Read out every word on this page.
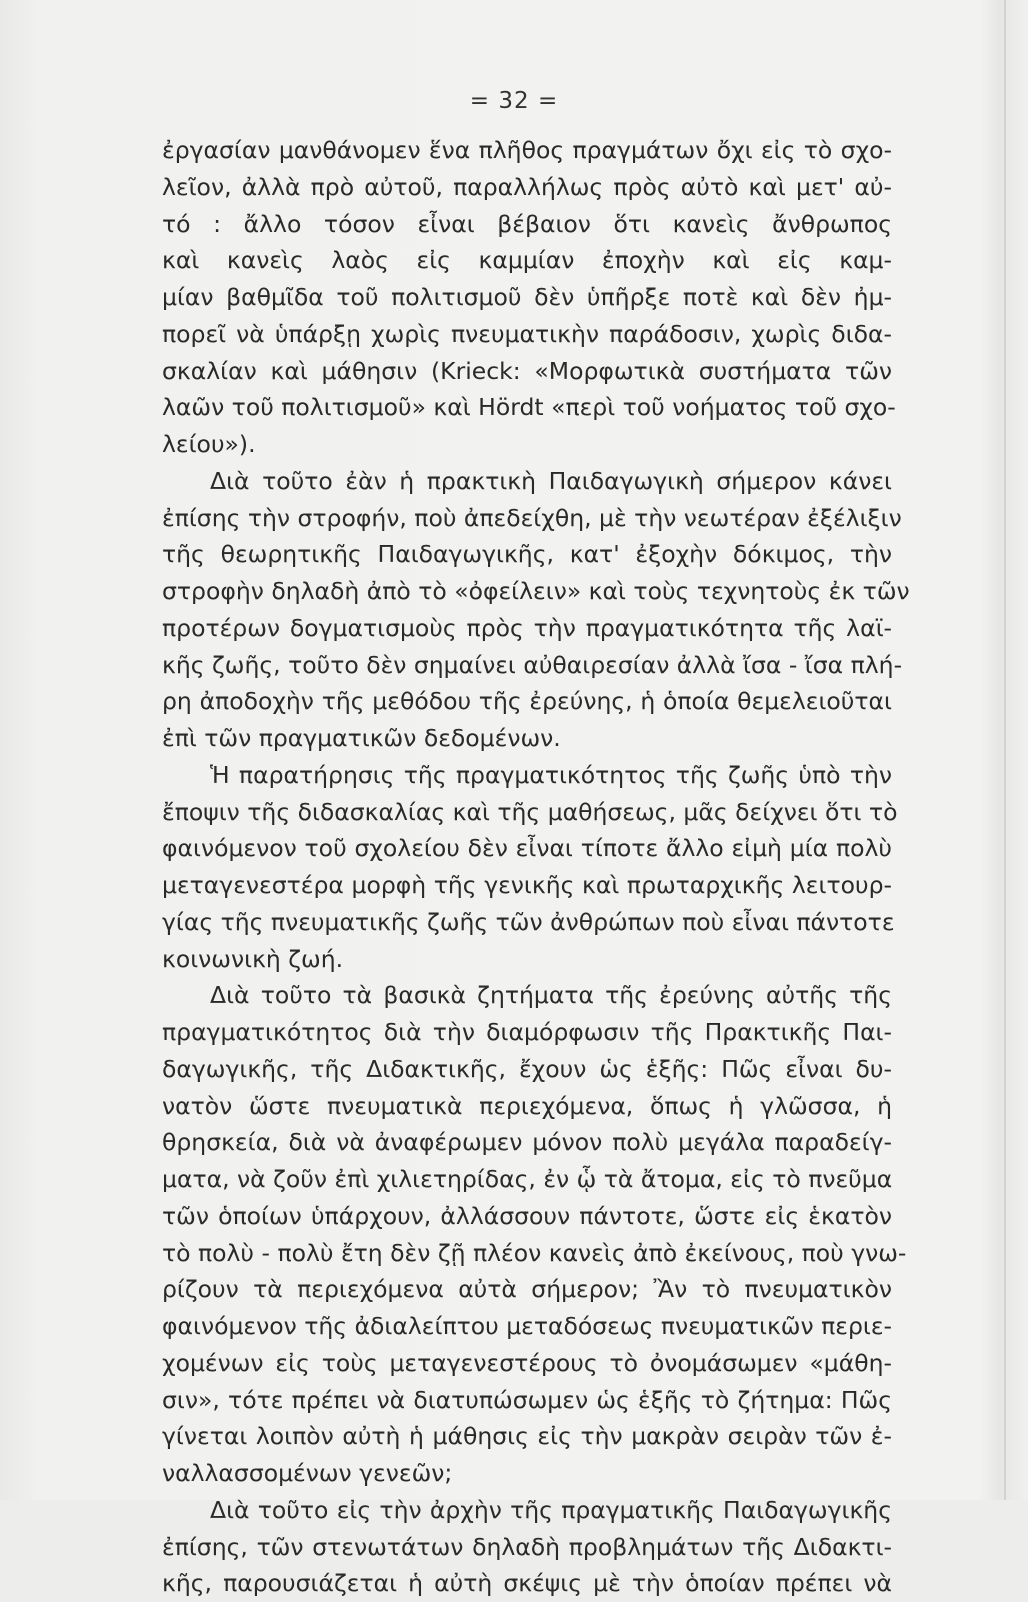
= 32 =
ἐργασίαν μανθάνομεν ἕνα πλῆθος πραγμάτων ὄχι εἰς τὸ σχο-
λεῖον, ἀλλὰ πρὸ αὐτοῦ, παραλλήλως πρὸς αὐτὸ καὶ μετ' αὐ-
τό : ἄλλο τόσον εἶναι βέβαιον ὅτι κανεὶς ἄνθρωπος
καὶ κανεὶς λαὸς εἰς καμμίαν ἐποχὴν καὶ εἰς καμ-
μίαν βαθμῖδα τοῦ πολιτισμοῦ δὲν ὑπῆρξε ποτὲ καὶ δὲν ἠμ-
πορεῖ νὰ ὑπάρξῃ χωρὶς πνευματικὴν παράδοσιν, χωρὶς διδα-
σκαλίαν καὶ μάθησιν (Krieck: «Μορφωτικὰ συστήματα τῶν
λαῶν τοῦ πολιτισμοῦ» καὶ Hördt «περὶ τοῦ νοήματος τοῦ σχο-
λείου»).
Διὰ τοῦτο ἐὰν ἡ πρακτικὴ Παιδαγωγικὴ σήμερον κάνει
ἐπίσης τὴν στροφήν, ποὺ ἀπεδείχθη, μὲ τὴν νεωτέραν ἐξέλιξιν
τῆς θεωρητικῆς Παιδαγωγικῆς, κατ' ἐξοχὴν δόκιμος, τὴν
στροφὴν δηλαδὴ ἀπὸ τὸ «ὀφείλειν» καὶ τοὺς τεχνητοὺς ἐκ τῶν
προτέρων δογματισμοὺς πρὸς τὴν πραγματικότητα τῆς λαϊ-
κῆς ζωῆς, τοῦτο δὲν σημαίνει αὐθαιρεσίαν ἀλλὰ ἴσα - ἴσα πλή-
ρη ἀποδοχὴν τῆς μεθόδου τῆς ἐρεύνης, ἡ ὁποία θεμελειοῦται
ἐπὶ τῶν πραγματικῶν δεδομένων.
Ἡ παρατήρησις τῆς πραγματικότητος τῆς ζωῆς ὑπὸ τὴν
ἔποψιν τῆς διδασκαλίας καὶ τῆς μαθήσεως, μᾶς δείχνει ὅτι τὸ
φαινόμενον τοῦ σχολείου δὲν εἶναι τίποτε ἄλλο εἰμὴ μία πολὺ
μεταγενεστέρα μορφὴ τῆς γενικῆς καὶ πρωταρχικῆς λειτουρ-
γίας τῆς πνευματικῆς ζωῆς τῶν ἀνθρώπων ποὺ εἶναι πάντοτε
κοινωνικὴ ζωή.
Διὰ τοῦτο τὰ βασικὰ ζητήματα τῆς ἐρεύνης αὐτῆς τῆς
πραγματικότητος διὰ τὴν διαμόρφωσιν τῆς Πρακτικῆς Παι-
δαγωγικῆς, τῆς Διδακτικῆς, ἔχουν ὡς ἑξῆς: Πῶς εἶναι δυ-
νατὸν ὥστε πνευματικὰ περιεχόμενα, ὅπως ἡ γλῶσσα, ἡ
θρησκεία, διὰ νὰ ἀναφέρωμεν μόνον πολὺ μεγάλα παραδείγ-
ματα, νὰ ζοῦν ἐπὶ χιλιετηρίδας, ἐν ᾧ τὰ ἄτομα, εἰς τὸ πνεῦμα
τῶν ὁποίων ὑπάρχουν, ἀλλάσσουν πάντοτε, ὥστε εἰς ἑκατὸν
τὸ πολὺ - πολὺ ἔτη δὲν ζῇ πλέον κανεὶς ἀπὸ ἐκείνους, ποὺ γνω-
ρίζουν τὰ περιεχόμενα αὐτὰ σήμερον; Ἂν τὸ πνευματικὸν
φαινόμενον τῆς ἀδιαλείπτου μεταδόσεως πνευματικῶν περιε-
χομένων εἰς τοὺς μεταγενεστέρους τὸ ὀνομάσωμεν «μάθη-
σιν», τότε πρέπει νὰ διατυπώσωμεν ὡς ἑξῆς τὸ ζήτημα: Πῶς
γίνεται λοιπὸν αὐτὴ ἡ μάθησις εἰς τὴν μακρὰν σειρὰν τῶν ἐ-
ναλλασσομένων γενεῶν;
Διὰ τοῦτο εἰς τὴν ἀρχὴν τῆς πραγματικῆς Παιδαγωγικῆς
ἐπίσης, τῶν στενωτάτων δηλαδὴ προβλημάτων τῆς Διδακτι-
κῆς, παρουσιάζεται ἡ αὐτὴ σκέψις μὲ τὴν ὁποίαν πρέπει νὰ
